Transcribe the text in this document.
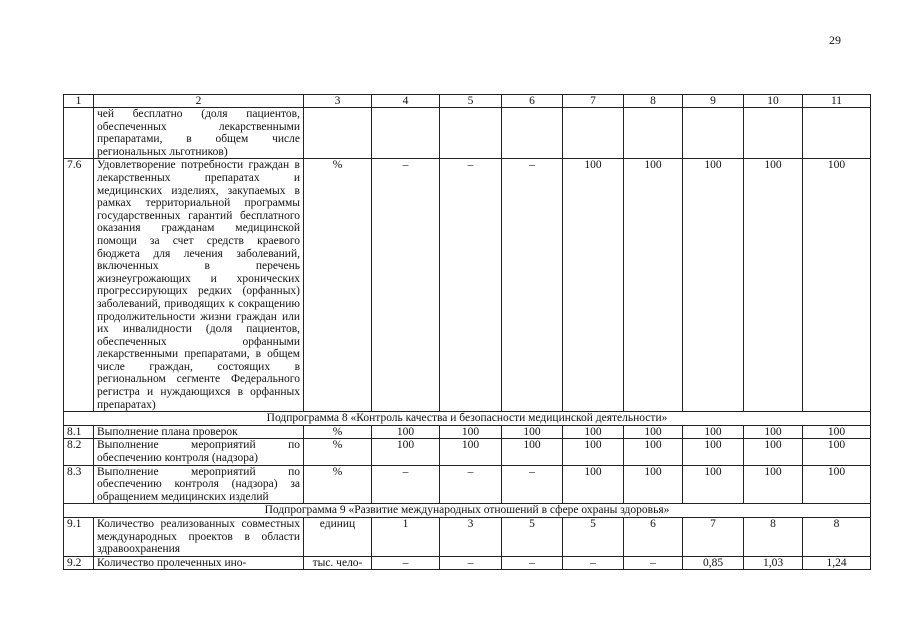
29
1	2	3	4	5	6	7	8	9	10	11
	чей бесплатно (доля пациентов, обеспеченных лекарственными препаратами, в общем числе региональных льготников)									
7.6	Удовлетворение потребности граждан в лекарственных препаратах и медицинских изделиях, закупаемых в рамках территориальной программы государственных гарантий бесплатного оказания гражданам медицинской помощи за счет средств краевого бюджета для лечения заболеваний, включенных в перечень жизнеугрожающих и хронических прогрессирующих редких (орфанных) заболеваний, приводящих к сокращению продолжительности жизни граждан или их инвалидности (доля пациентов, обеспеченных орфанными лекарственными препаратами, в общем числе граждан, состоящих в региональном сегменте Федерального регистра и нуждающихся в орфанных препаратах)	%	–	–	–	100	100	100	100	100
Подпрограмма 8 «Контроль качества и безопасности медицинской деятельности»										
8.1	Выполнение плана проверок	%	100	100	100	100	100	100	100	100
8.2	Выполнение мероприятий по обеспечению контроля (надзора)	%	100	100	100	100	100	100	100	100
8.3	Выполнение мероприятий по обеспечению контроля (надзора) за обращением медицинских изделий	%	–	–	–	100	100	100	100	100
Подпрограмма 9 «Развитие международных отношений в сфере охраны здоровья»										
9.1	Количество реализованных совместных международных проектов в области здравоохранения	единиц	1	3	5	5	6	7	8	8
9.2	Количество пролеченных ино-	тыс. чело-	–	–	–	–	–	0,85	1,03	1,24
